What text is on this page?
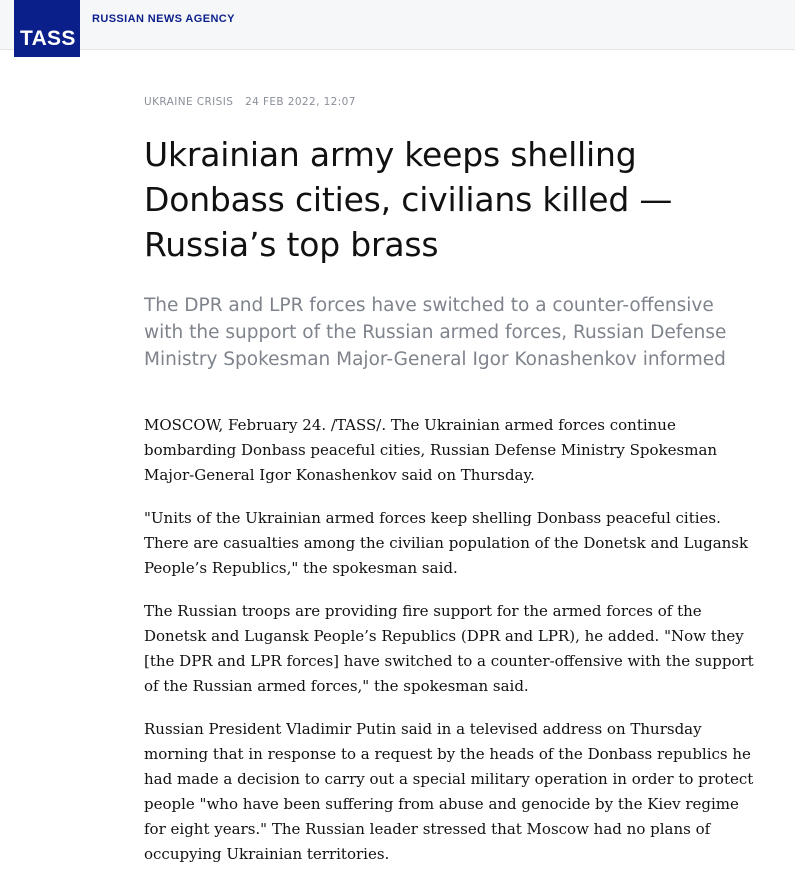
TASS
RUSSIAN NEWS AGENCY
UKRAINE CRISIS 24 FEB 2022, 12:07
Ukrainian army keeps shelling Donbass cities, civilians killed — Russia’s top brass
The DPR and LPR forces have switched to a counter-offensive with the support of the Russian armed forces, Russian Defense Ministry Spokesman Major-General Igor Konashenkov informed

MOSCOW, February 24. /TASS/. The Ukrainian armed forces continue bombarding Donbass peaceful cities, Russian Defense Ministry Spokesman Major-General Igor Konashenkov said on Thursday.

"Units of the Ukrainian armed forces keep shelling Donbass peaceful cities. There are casualties among the civilian population of the Donetsk and Lugansk People’s Republics," the spokesman said.

The Russian troops are providing fire support for the armed forces of the Donetsk and Lugansk People’s Republics (DPR and LPR), he added. "Now they [the DPR and LPR forces] have switched to a counter-offensive with the support of the Russian armed forces," the spokesman said.

Russian President Vladimir Putin said in a televised address on Thursday morning that in response to a request by the heads of the Donbass republics he had made a decision to carry out a special military operation in order to protect people "who have been suffering from abuse and genocide by the Kiev regime for eight years." The Russian leader stressed that Moscow had no plans of occupying Ukrainian territories.
